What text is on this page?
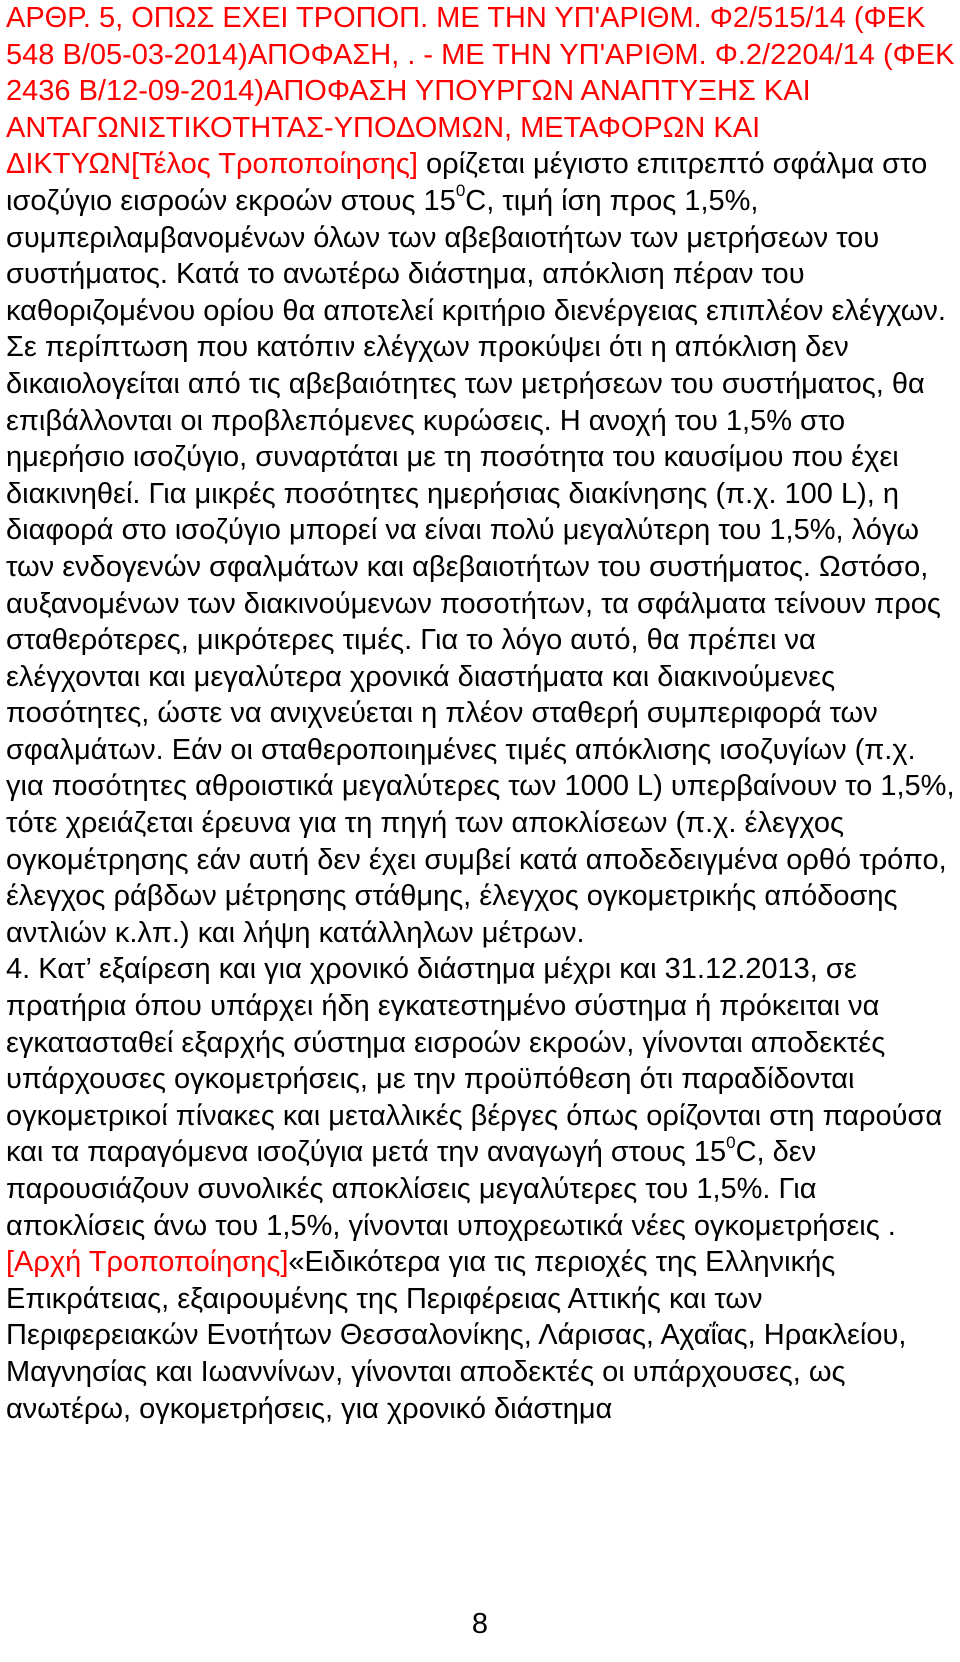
ΑΡΘΡ. 5, ΟΠΩΣ ΕΧΕΙ ΤΡΟΠΟΠ. ΜΕ ΤΗΝ ΥΠ'ΑΡΙΘΜ. Φ2/515/14 (ΦΕΚ 548 Β/05-03-2014)ΑΠΟΦΑΣΗ, . - ΜΕ ΤΗΝ ΥΠ'ΑΡΙΘΜ. Φ.2/2204/14 (ΦΕΚ 2436 Β/12-09-2014)ΑΠΟΦΑΣΗ ΥΠΟΥΡΓΩΝ ΑΝΑΠΤΥΞΗΣ ΚΑΙ ΑΝΤΑΓΩΝΙΣΤΙΚΟΤΗΤΑΣ-ΥΠΟΔΟΜΩΝ, ΜΕΤΑΦΟΡΩΝ ΚΑΙ ΔΙΚΤΥΩΝ[Τέλος Τροποποίησης] ορίζεται μέγιστο επιτρεπτό σφάλμα στο ισοζύγιο εισροών εκροών στους $15^0C$, τιμή ίση προς 1,5%, συμπεριλαμβανομένων όλων των αβεβαιοτήτων των μετρήσεων του συστήματος. Κατά το ανωτέρω διάστημα, απόκλιση πέραν του καθοριζομένου ορίου θα αποτελεί κριτήριο διενέργειας επιπλέον ελέγχων. Σε περίπτωση που κατόπιν ελέγχων προκύψει ότι η απόκλιση δεν δικαιολογείται από τις αβεβαιότητες των μετρήσεων του συστήματος, θα επιβάλλονται οι προβλεπόμενες κυρώσεις. Η ανοχή του 1,5% στο ημερήσιο ισοζύγιο, συναρτάται με τη ποσότητα του καυσίμου που έχει διακινηθεί. Για μικρές ποσότητες ημερήσιας διακίνησης (π.χ. 100 L), η διαφορά στο ισοζύγιο μπορεί να είναι πολύ μεγαλύτερη του 1,5%, λόγω των ενδογενών σφαλμάτων και αβεβαιοτήτων του συστήματος. Ωστόσο, αυξανομένων των διακινούμενων ποσοτήτων, τα σφάλματα τείνουν προς σταθερότερες, μικρότερες τιμές. Για το λόγο αυτό, θα πρέπει να ελέγχονται και μεγαλύτερα χρονικά διαστήματα και διακινούμενες ποσότητες, ώστε να ανιχνεύεται η πλέον σταθερή συμπεριφορά των σφαλμάτων. Εάν οι σταθεροποιημένες τιμές απόκλισης ισοζυγίων (π.χ. για ποσότητες αθροιστικά μεγαλύτερες των 1000 L) υπερβαίνουν το 1,5%, τότε χρειάζεται έρευνα για τη πηγή των αποκλίσεων (π.χ. έλεγχος ογκομέτρησης εάν αυτή δεν έχει συμβεί κατά αποδεδειγμένα ορθό τρόπο, έλεγχος ράβδων μέτρησης στάθμης, έλεγχος ογκομετρικής απόδοσης αντλιών κ.λπ.) και λήψη κατάλληλων μέτρων.

4. Κατ’ εξαίρεση και για χρονικό διάστημα μέχρι και 31.12.2013, σε πρατήρια όπου υπάρχει ήδη εγκατεστημένο σύστημα ή πρόκειται να εγκατασταθεί εξαρχής σύστημα εισροών εκροών, γίνονται αποδεκτές υπάρχουσες ογκομετρήσεις, με την προϋπόθεση ότι παραδίδονται ογκομετρικοί πίνακες και μεταλλικές βέργες όπως ορίζονται στη παρούσα και τα παραγόμενα ισοζύγια μετά την αναγωγή στους $15^0C$, δεν παρουσιάζουν συνολικές αποκλίσεις μεγαλύτερες του 1,5%. Για αποκλίσεις άνω του 1,5%, γίνονται υποχρεωτικά νέες ογκομετρήσεις .

[Αρχή Τροποποίησης]«Ειδικότερα για τις περιοχές της Ελληνικής Επικράτειας, εξαιρουμένης της Περιφέρειας Αττικής και των Περιφερειακών Ενοτήτων Θεσσαλονίκης, Λάρισας, Αχαΐας, Ηρακλείου, Μαγνησίας και Ιωαννίνων, γίνονται αποδεκτές οι υπάρχουσες, ως ανωτέρω, ογκομετρήσεις, για χρονικό διάστημα

8
